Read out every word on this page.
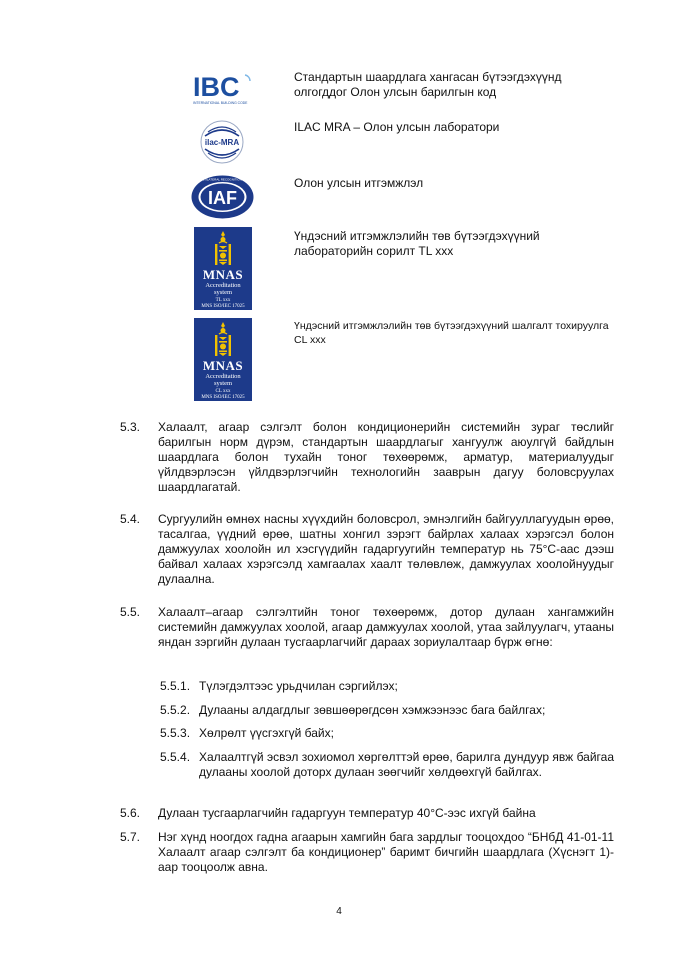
IBC
INTERNATIONAL BUILDING CODE
Стандартын шаардлага хангасан бүтээгдэхүүнд олгогддог Олон улсын барилгын код
ilac-MRA
ILAC MRA – Олон улсын лаборатори
IAF
MEMBER OF MULTILATERAL RECOGNITION ARRANGEMENT Олон улсын итгэмжлэл
MNAS
Accreditation
system
TL xxx
MNS ISO/IEC 17025
Үндэсний итгэмжлэлийн төв бүтээгдэхүүний лабораторийн сорилт TL xxx
MNAS
Accreditation
system
CL xxx
MNS ISO/IEC 17025
Үндэсний итгэмжлэлийн төв бүтээгдэхүүний шалгалт тохируулга CL xxx
5.3. Халаалт, агаар сэлгэлт болон кондиционерийн системийн зураг төслийг барилгын норм дүрэм, стандартын шаардлагыг хангуулж аюулгүй байдлын шаардлага болон тухайн тоног төхөөрөмж, арматур, материалуудыг үйлдвэрлэсэн үйлдвэрлэгчийн технологийн зааврын дагуу боловсруулах шаардлагатай.
5.4. Сургуулийн өмнөх насны хүүхдийн боловсрол, эмнэлгийн байгууллагуудын өрөө, тасалгаа, үүдний өрөө, шатны хонгил зэрэгт байрлах халаах хэрэгсэл болон дамжуулах хоолойн ил хэсгүүдийн гадаргуугийн температур нь 75°С-аас дээш байвал халаах хэрэгсэлд хамгаалах хаалт төлөвлөж, дамжуулах хоолойнуудыг дулаална.
5.5. Халаалт–агаар сэлгэлтийн тоног төхөөрөмж, дотор дулаан хангамжийн системийн дамжуулах хоолой, агаар дамжуулах хоолой, утаа зайлуулагч, утааны яндан зэргийн дулаан тусгаарлагчийг дараах зориулалтаар бүрж өгнө:
5.5.1. Түлэгдэлтээс урьдчилан сэргийлэх;
5.5.2. Дулааны алдагдлыг зөвшөөрөгдсөн хэмжээнээс бага байлгах;
5.5.3. Хөлрөлт үүсгэхгүй байх;
5.5.4. Халаалтгүй эсвэл зохиомол хөргөлттэй өрөө, барилга дундуур явж байгаа дулааны хоолой доторх дулаан зөөгчийг хөлдөөхгүй байлгах.
5.6. Дулаан тусгаарлагчийн гадаргуун температур 40°С-ээс ихгүй байна
5.7. Нэг хүнд ноогдох гадна агаарын хамгийн бага зардлыг тооцохдоо “БНбД 41-01-11 Халаалт агаар сэлгэлт ба кондиционер” баримт бичгийн шаардлага (Хүснэгт 1)-аар тооцоолж авна.
4
